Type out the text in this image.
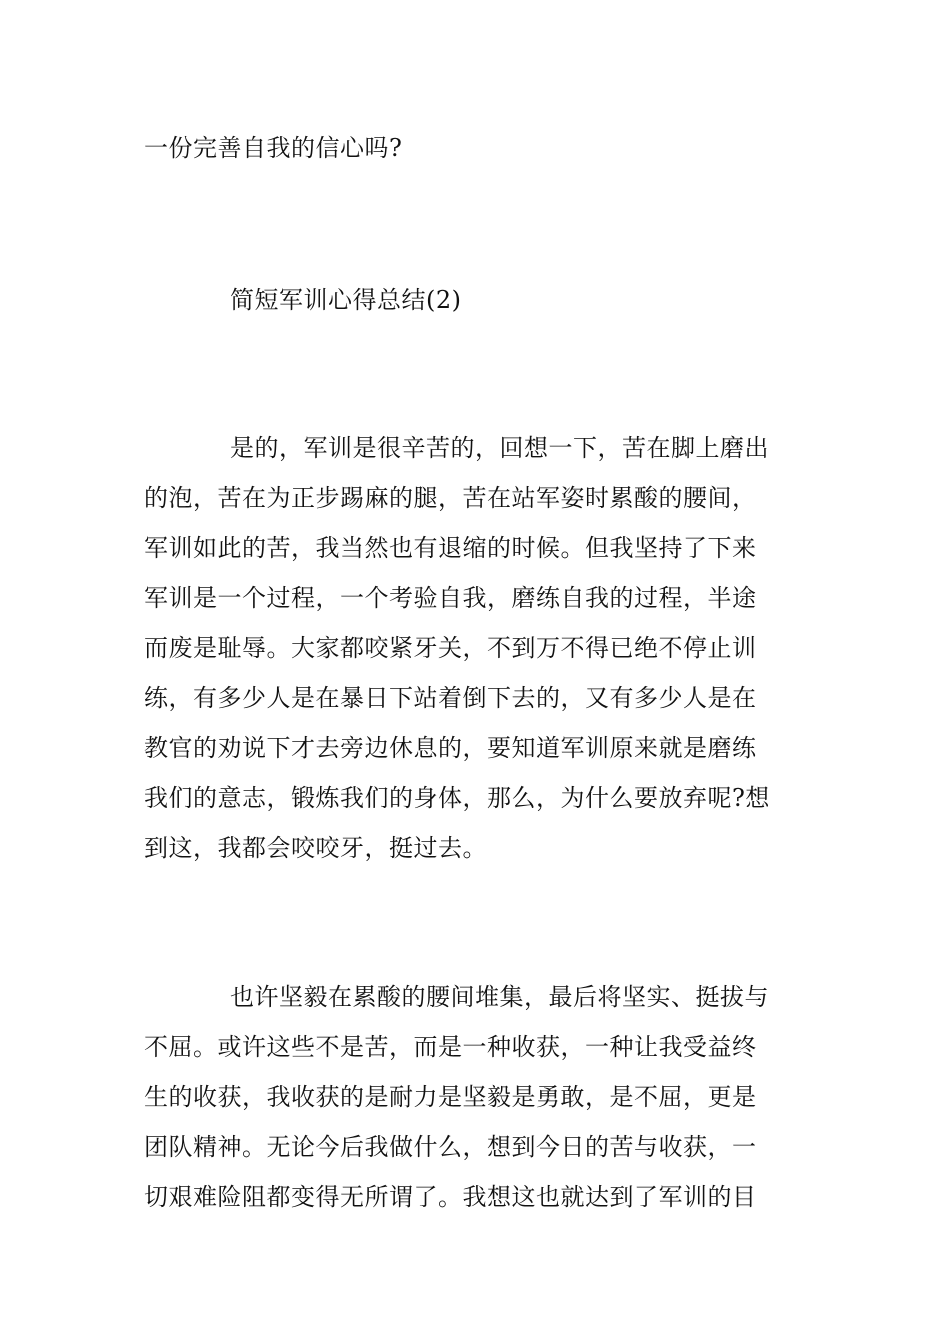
一份完善自我的信心吗?
简短军训心得总结(2)
是的，军训是很辛苦的，回想一下，苦在脚上磨出
的泡，苦在为正步踢麻的腿，苦在站军姿时累酸的腰间，
军训如此的苦，我当然也有退缩的时候。但我坚持了下来
军训是一个过程，一个考验自我，磨练自我的过程，半途
而废是耻辱。大家都咬紧牙关，不到万不得已绝不停止训
练，有多少人是在暴日下站着倒下去的，又有多少人是在
教官的劝说下才去旁边休息的，要知道军训原来就是磨练
我们的意志，锻炼我们的身体，那么，为什么要放弃呢?想
到这，我都会咬咬牙，挺过去。
也许坚毅在累酸的腰间堆集，最后将坚实、挺拔与
不屈。或许这些不是苦，而是一种收获，一种让我受益终
生的收获，我收获的是耐力是坚毅是勇敢，是不屈，更是
团队精神。无论今后我做什么，想到今日的苦与收获，一
切艰难险阻都变得无所谓了。我想这也就达到了军训的目
